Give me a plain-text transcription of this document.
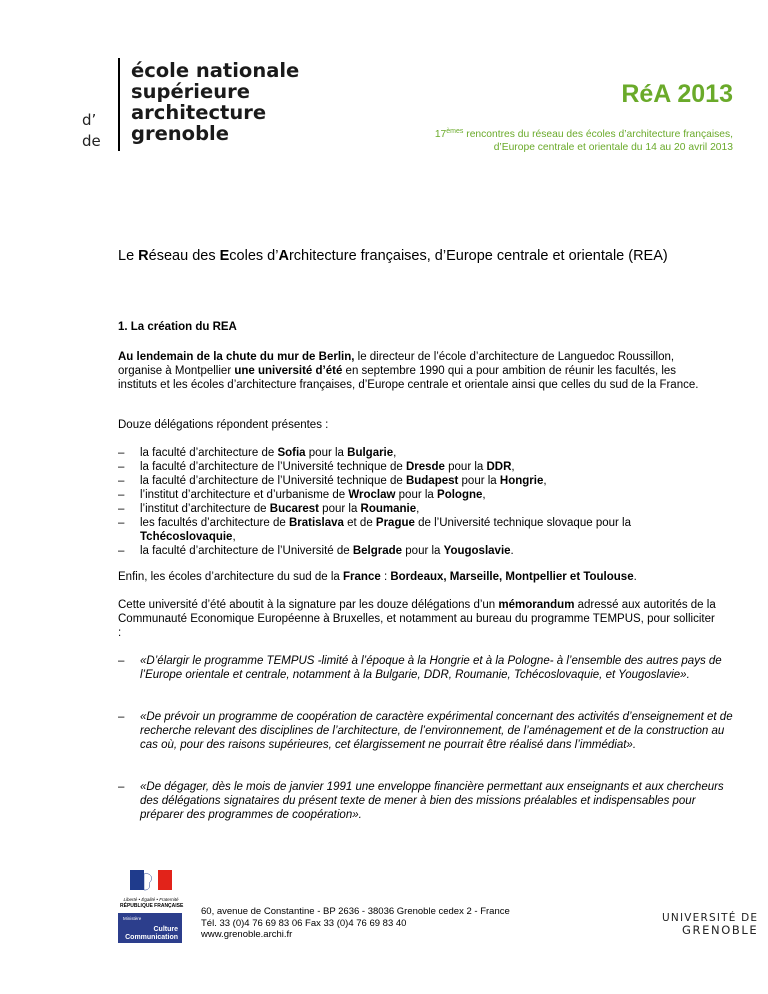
d’
de
école nationale
supérieure
architecture
grenoble
RéA 2013
17èmes rencontres du réseau des écoles d’architecture françaises,
d’Europe centrale et orientale du 14 au 20 avril 2013
Le Réseau des Ecoles d’Architecture françaises, d’Europe centrale et orientale (REA)
1. La création du REA
Au lendemain de la chute du mur de Berlin, le directeur de l’école d’architecture de Languedoc Roussillon, organise à Montpellier une université d’été en septembre 1990 qui a pour ambition de réunir les facultés, les instituts et les écoles d’architecture françaises, d’Europe centrale et orientale ainsi que celles du sud de la France.
Douze délégations répondent présentes :
– la faculté d’architecture de Sofia pour la Bulgarie,
– la faculté d’architecture de l’Université technique de Dresde pour la DDR,
– la faculté d’architecture de l’Université technique de Budapest pour la Hongrie,
– l’institut d’architecture et d’urbanisme de Wroclaw pour la Pologne,
– l’institut d’architecture de Bucarest pour la Roumanie,
– les facultés d’architecture de Bratislava et de Prague de l’Université technique slovaque pour la Tchécoslovaquie,
– la faculté d’architecture de l’Université de Belgrade pour la Yougoslavie.
Enfin, les écoles d’architecture du sud de la France : Bordeaux, Marseille, Montpellier et Toulouse.
Cette université d’été aboutit à la signature par les douze délégations d’un mémorandum adressé aux autorités de la Communauté Economique Européenne à Bruxelles, et notamment au bureau du programme TEMPUS, pour solliciter :
–	«D’élargir le programme TEMPUS -limité à l’époque à la Hongrie et à la Pologne- à l’ensemble des autres pays de l’Europe orientale et centrale, notamment à la Bulgarie, DDR, Roumanie, Tchécoslovaquie, et Yougoslavie».
–	«De prévoir un programme de coopération de caractère expérimental concernant des activités d’enseignement et de recherche relevant des disciplines de l’architecture, de l’environnement, de l’aménagement et de la construction au cas où, pour des raisons supérieures, cet élargissement ne pourrait être réalisé dans l’immédiat».
–	«De dégager, dès le mois de janvier 1991 une enveloppe financière permettant aux enseignants et aux chercheurs des délégations signataires du présent texte de mener à bien des missions préalables et indispensables pour préparer des programmes de coopération».
Liberté • Égalité • Fraternité
RÉPUBLIQUE FRANÇAISE
Ministère
Culture
Communication
60, avenue de Constantine - BP 2636 - 38036 Grenoble cedex 2 - France
Tél. 33 (0)4 76 69 83 06 Fax 33 (0)4 76 69 83 40
www.grenoble.archi.fr
UNIVERSITÉ DE
GRENOBLE
